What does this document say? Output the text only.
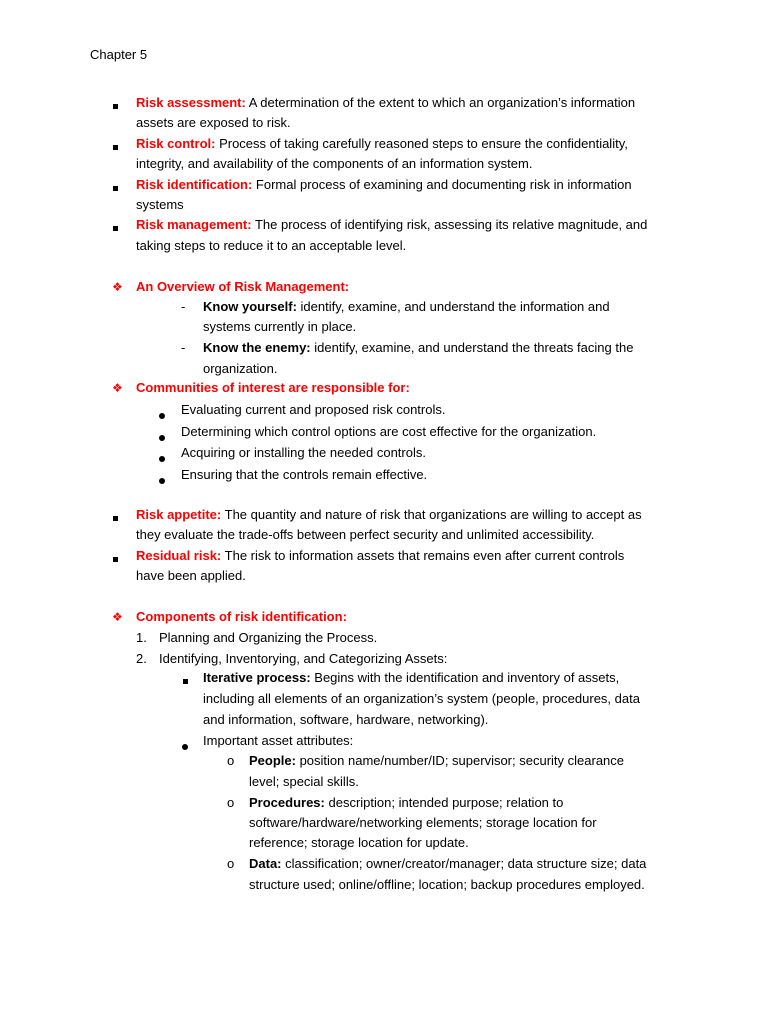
Chapter 5
Risk assessment: A determination of the extent to which an organization’s information
assets are exposed to risk.
Risk control: Process of taking carefully reasoned steps to ensure the confidentiality,
integrity, and availability of the components of an information system.
Risk identification: Formal process of examining and documenting risk in information
systems
Risk management: The process of identifying risk, assessing its relative magnitude, and
taking steps to reduce it to an acceptable level.
❖ An Overview of Risk Management:
- Know yourself: identify, examine, and understand the information and
systems currently in place.
- Know the enemy: identify, examine, and understand the threats facing the
organization.
❖ Communities of interest are responsible for:
Evaluating current and proposed risk controls.
Determining which control options are cost effective for the organization.
Acquiring or installing the needed controls.
Ensuring that the controls remain effective.
Risk appetite: The quantity and nature of risk that organizations are willing to accept as
they evaluate the trade-offs between perfect security and unlimited accessibility.
Residual risk: The risk to information assets that remains even after current controls
have been applied.
❖ Components of risk identification:
1. Planning and Organizing the Process.
2. Identifying, Inventorying, and Categorizing Assets:
Iterative process: Begins with the identification and inventory of assets,
including all elements of an organization’s system (people, procedures, data
and information, software, hardware, networking).
Important asset attributes:
o People: position name/number/ID; supervisor; security clearance
level; special skills.
o Procedures: description; intended purpose; relation to
software/hardware/networking elements; storage location for
reference; storage location for update.
o Data: classification; owner/creator/manager; data structure size; data
structure used; online/offline; location; backup procedures employed.
